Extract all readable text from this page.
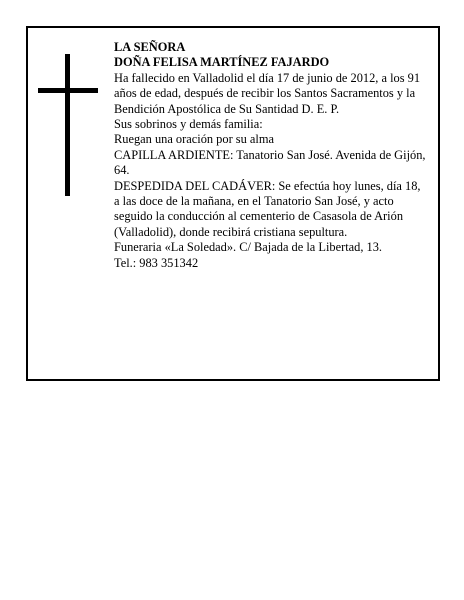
LA SEÑORA

DOÑA FELISA MARTÍNEZ FAJARDO

Ha fallecido en Valladolid el día 17 de junio de 2012, a los 91 años de edad, después de recibir los Santos Sacramentos y la Bendición Apostólica de Su Santidad D. E. P.

Sus sobrinos y demás familia:

Ruegan una oración por su alma

CAPILLA ARDIENTE: Tanatorio San José. Avenida de Gijón, 64.

DESPEDIDA DEL CADÁVER: Se efectúa hoy lunes, día 18, a las doce de la mañana, en el Tanatorio San José, y acto seguido la conducción al cementerio de Casasola de Arión (Valladolid), donde recibirá cristiana sepultura.

Funeraria «La Soledad». C/ Bajada de la Libertad, 13.

Tel.: 983 351342
